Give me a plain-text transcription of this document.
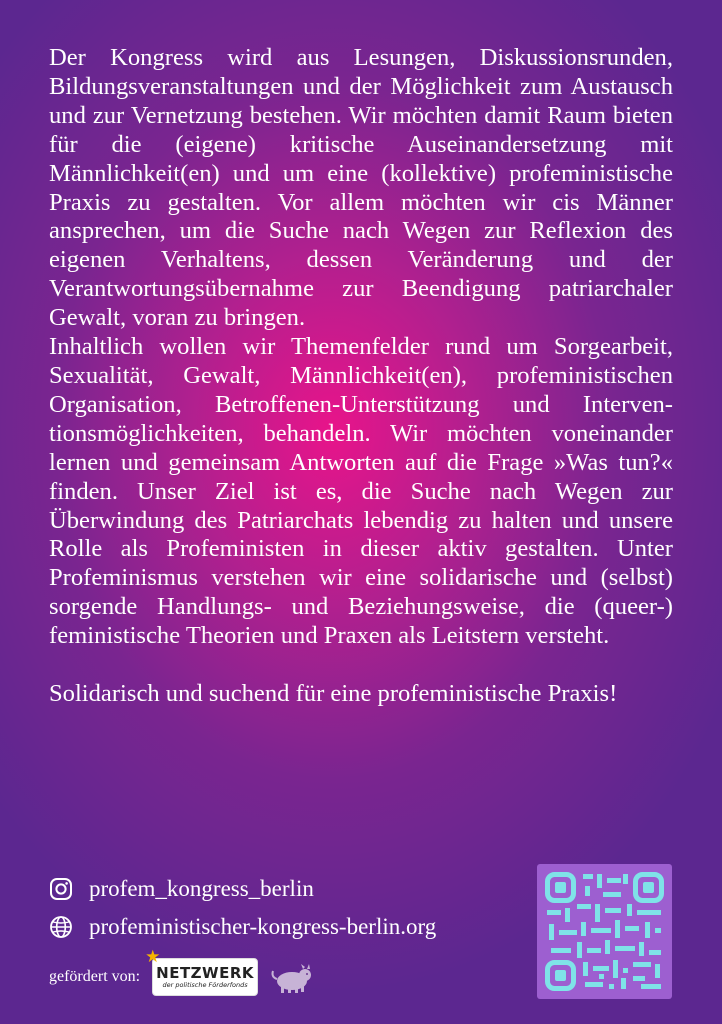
Der Kongress wird aus Lesungen, Diskussionsrunden, Bildungsveranstaltungen und der Möglichkeit zum Austausch und zur Vernetzung bestehen. Wir möchten damit Raum bieten für die (eigene) kritische Auseinandersetzung mit Männlichkeit(en) und um eine (kollektive) profeministische Praxis zu gestalten. Vor allem möchten wir cis Männer ansprechen, um die Suche nach Wegen zur Reflexion des eigenen Verhaltens, dessen Veränderung und der Verantwortungsübernahme zur Beendigung patriarchaler Gewalt, voran zu bringen.

Inhaltlich wollen wir Themenfelder rund um Sorgearbeit, Sexualität, Gewalt, Männlichkeit(en), profeministischen Organisation, Betroffenen-Unterstützung und Interventionsmöglichkeiten, behandeln. Wir möchten voneinander lernen und gemeinsam Antworten auf die Frage »Was tun?« finden. Unser Ziel ist es, die Suche nach Wegen zur Überwindung des Patriarchats lebendig zu halten und unsere Rolle als Profeministen in dieser aktiv gestalten. Unter Profeminismus verstehen wir eine solidarische und (selbst) sorgende Handlungs- und Beziehungsweise, die (queer-) feministische Theorien und Praxen als Leitstern versteht.

Solidarisch und suchend für eine profeministische Praxis!

profem_kongress_berlin
profeministischer-kongress-berlin.org
gefördert von:
★
NETZWERK
der politische Förderfonds
